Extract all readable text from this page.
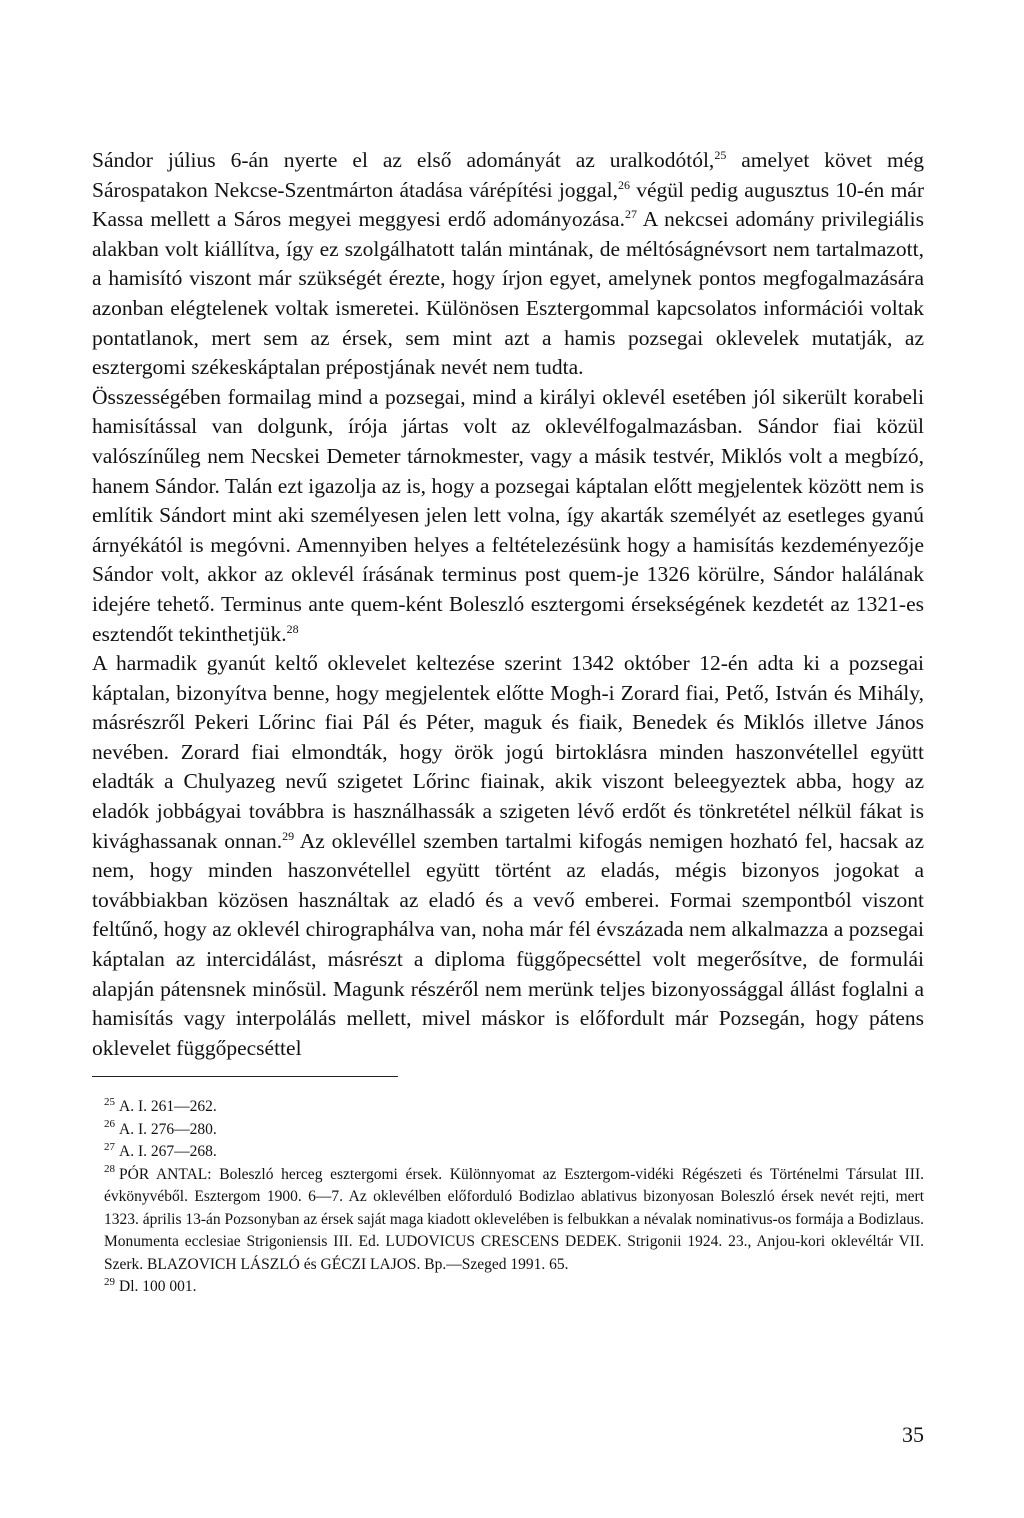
Sándor július 6-án nyerte el az első adományát az uralkodótól,$^{25}$ amelyet követ még Sárospatakon Nekcse-Szentmárton átadása várépítési joggal,$^{26}$ végül pedig augusztus 10-én már Kassa mellett a Sáros megyei meggyesi erdő adományozása.$^{27}$ A nekcsei adomány privilegiális alakban volt kiállítva, így ez szolgálhatott talán mintának, de méltóságnévsort nem tartalmazott, a hamisító viszont már szükségét érezte, hogy írjon egyet, amelynek pontos megfogalmazására azonban elégtelenek voltak ismeretei. Különösen Esztergommal kapcsolatos információi voltak pontatlanok, mert sem az érsek, sem mint azt a hamis pozsegai oklevelek mutatják, az esztergomi székeskáptalan prépostjának nevét nem tudta.

Összességében formailag mind a pozsegai, mind a királyi oklevél esetében jól sikerült korabeli hamisítással van dolgunk, írója jártas volt az oklevélfogalmazásban. Sándor fiai közül valószínűleg nem Necskei Demeter tárnokmester, vagy a másik testvér, Miklós volt a megbízó, hanem Sándor. Talán ezt igazolja az is, hogy a pozsegai káptalan előtt megjelentek között nem is említik Sándort mint aki személyesen jelen lett volna, így akarták személyét az esetleges gyanú árnyékától is megóvni. Amennyiben helyes a feltételezésünk hogy a hamisítás kezdeményezője Sándor volt, akkor az oklevél írásának terminus post quem-je 1326 körülre, Sándor halálának idejére tehető. Terminus ante quem-ként Boleszló esztergomi érsekségének kezdetét az 1321-es esztendőt tekinthetjük.$^{28}$

A harmadik gyanút keltő oklevelet keltezése szerint 1342 október 12-én adta ki a pozsegai káptalan, bizonyítva benne, hogy megjelentek előtte Mogh-i Zorard fiai, Pető, István és Mihály, másrészről Pekeri Lőrinc fiai Pál és Péter, maguk és fiaik, Benedek és Miklós illetve János nevében. Zorard fiai elmondták, hogy örök jogú birtoklásra minden haszonvétellel együtt eladták a Chulyazeg nevű szigetet Lőrinc fiainak, akik viszont beleegyeztek abba, hogy az eladók jobbágyai továbbra is használhassák a szigeten lévő erdőt és tönkretétel nélkül fákat is kivághassanak onnan.$^{29}$ Az oklevéllel szemben tartalmi kifogás nemigen hozható fel, hacsak az nem, hogy minden haszonvétellel együtt történt az eladás, mégis bizonyos jogokat a továbbiakban közösen használtak az eladó és a vevő emberei. Formai szempontból viszont feltűnő, hogy az oklevél chirographálva van, noha már fél évszázada nem alkalmazza a pozsegai káptalan az intercidálást, másrészt a diploma függőpecséttel volt megerősítve, de formulái alapján pátensnek minősül. Magunk részéről nem merünk teljes bizonyossággal állást foglalni a hamisítás vagy interpolálás mellett, mivel máskor is előfordult már Pozsegán, hogy pátens oklevelet függőpecséttel

$^{25}$ A. I. 261—262.

$^{26}$ A. I. 276—280.

$^{27}$ A. I. 267—268.

$^{28}$ PÓR ANTAL: Boleszló herceg esztergomi érsek. Különnyomat az Esztergom-vidéki Régészeti és Történelmi Társulat III. évkönyvéből. Esztergom 1900. 6—7. Az oklevélben előforduló Bodizlao ablativus bizonyosan Boleszló érsek nevét rejti, mert 1323. április 13-án Pozsonyban az érsek saját maga kiadott oklevelében is felbukkan a névalak nominativus-os formája a Bodizlaus. Monumenta ecclesiae Strigoniensis III. Ed. LUDOVICUS CRESCENS DEDEK. Strigonii 1924. 23., Anjou-kori oklevéltár VII. Szerk. BLAZOVICH LÁSZLÓ és GÉCZI LAJOS. Bp.—Szeged 1991. 65.

$^{29}$ Dl. 100 001.

35
